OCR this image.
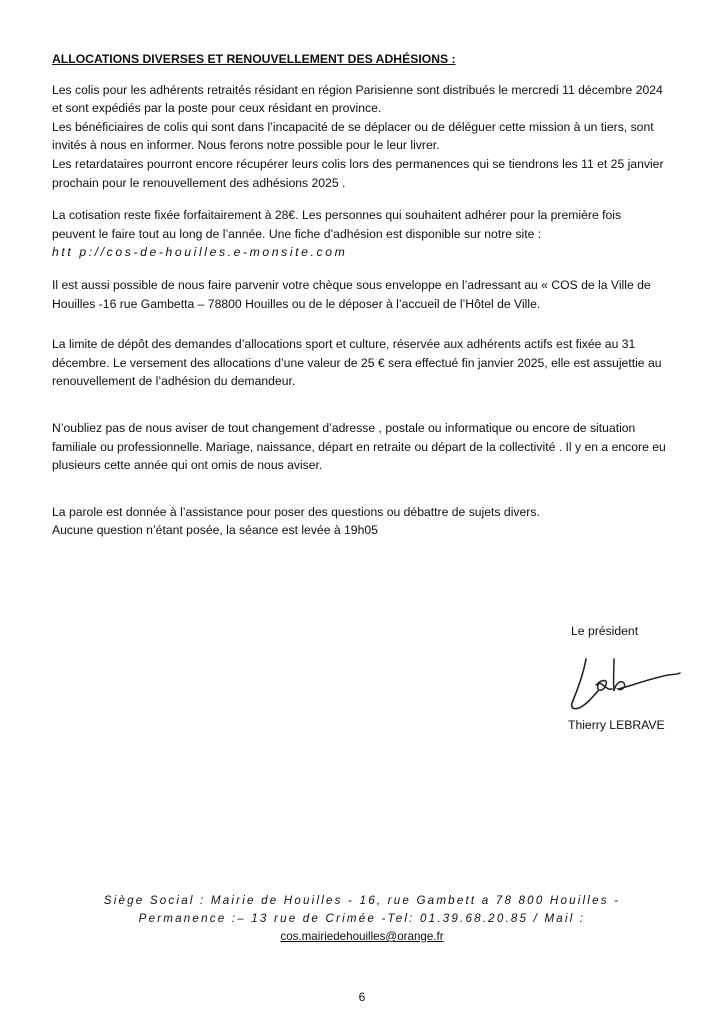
ALLOCATIONS DIVERSES ET RENOUVELLEMENT DES ADHÉSIONS :
Les colis pour les adhérents retraités résidant en région Parisienne sont distribués le mercredi 11 décembre 2024
et sont expédiés par la poste pour ceux résidant en province.
Les bénéficiaires de colis qui sont dans l’incapacité de se déplacer ou de déléguer cette mission à un tiers, sont
invités à nous en informer. Nous ferons notre possible pour le leur livrer.
Les retardataires pourront encore récupérer leurs colis lors des permanences qui se tiendrons les 11 et 25 janvier
prochain pour le renouvellement des adhésions 2025 .
La cotisation reste fixée forfaitairement à 28€. Les personnes qui souhaitent adhérer pour la première fois
peuvent le faire tout au long de l’année. Une fiche d’adhésion est disponible sur notre site :
htt p://cos-de-houilles.e-monsite.com
Il est aussi possible de nous faire parvenir votre chèque sous enveloppe en l’adressant au « COS de la Ville de
Houilles -16 rue Gambetta – 78800 Houilles ou de le déposer à l’accueil de l’Hôtel de Ville.
La limite de dépôt des demandes d’allocations sport et culture, réservée aux adhérents actifs est fixée au 31
décembre. Le versement des allocations d’une valeur de 25 € sera effectué fin janvier 2025, elle est assujettie au
renouvellement de l’adhésion du demandeur.
N’oubliez pas de nous aviser de tout changement d’adresse , postale ou informatique ou encore de situation
familiale ou professionnelle. Mariage, naissance, départ en retraite ou départ de la collectivité . Il y en a encore eu
plusieurs cette année qui ont omis de nous aviser.
La parole est donnée à l’assistance pour poser des questions ou débattre de sujets divers.
Aucune question n’étant posée, la séance est levée à 19h05
Le président
Thierry LEBRAVE
Siège Social : Mairie de Houilles - 16, rue Gambett a 78 800 Houilles -
Permanence :– 13 rue de Crimée -Tel: 01.39.68.20.85 / Mail :
cos.mairiedehouilles@orange.fr
6
